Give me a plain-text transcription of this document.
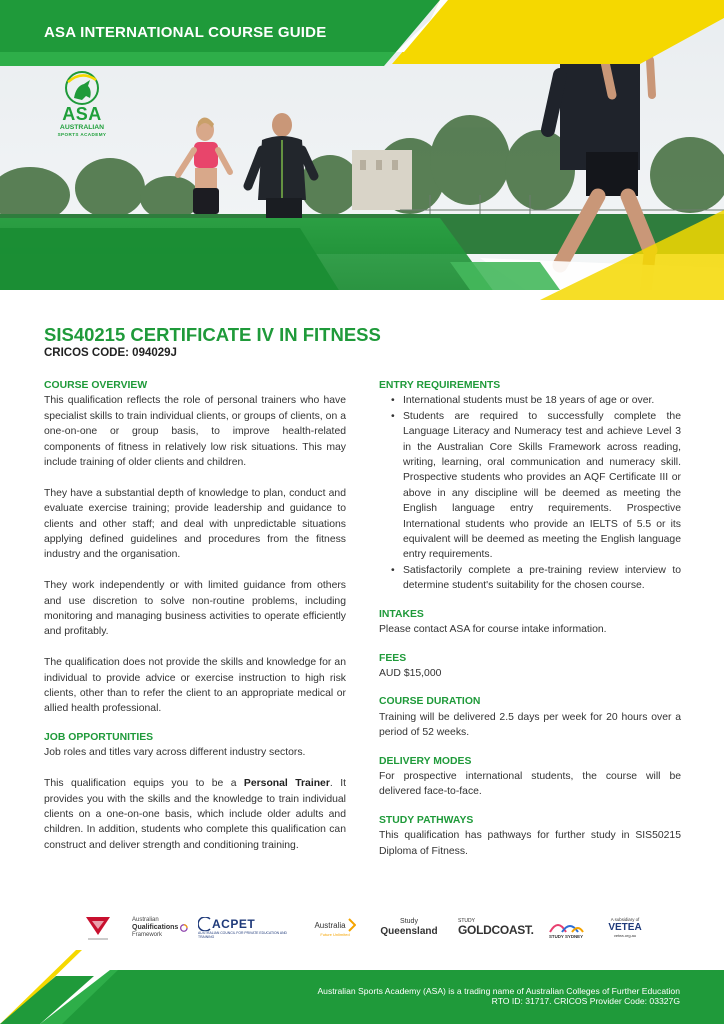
ASA INTERNATIONAL COURSE GUIDE
ASA
AUSTRALIAN
SPORTS ACADEMY
SIS40215 CERTIFICATE IV IN FITNESS
CRICOS CODE: 094029J
COURSE OVERVIEW

This qualification reflects the role of personal trainers who have specialist skills to train individual clients, or groups of clients, on a one-on-one or group basis, to improve health-related components of fitness in relatively low risk situations. This may include training of older clients and children.

They have a substantial depth of knowledge to plan, conduct and evaluate exercise training; provide leadership and guidance to clients and other staff; and deal with unpredictable situations applying defined guidelines and procedures from the fitness industry and the organisation.

They work independently or with limited guidance from others and use discretion to solve non-routine problems, including monitoring and managing business activities to operate efficiently and profitably.

The qualification does not provide the skills and knowledge for an individual to provide advice or exercise instruction to high risk clients, other than to refer the client to an appropriate medical or allied health professional.

JOB OPPORTUNITIES

Job roles and titles vary across different industry sectors.

This qualification equips you to be a Personal Trainer. It provides you with the skills and the knowledge to train individual clients on a one-on-one basis, which include older adults and children. In addition, students who complete this qualification can construct and deliver strength and conditioning training.

ENTRY REQUIREMENTS
• International students must be 18 years of age or over.
• Students are required to successfully complete the Language Literacy and Numeracy test and achieve Level 3 in the Australian Core Skills Framework across reading, writing, learning, oral communication and numeracy skill. Prospective students who provides an AQF Certificate III or above in any discipline will be deemed as meeting the English language entry requirements. Prospective International students who provide an IELTS of 5.5 or its equivalent will be deemed as meeting the English language entry requirements.
• Satisfactorily complete a pre-training review interview to determine student's suitability for the chosen course.
INTAKES

Please contact ASA for course intake information.

FEES

AUD $15,000

COURSE DURATION

Training will be delivered 2.5 days per week for 20 hours over a period of 52 weeks.

DELIVERY MODES

For prospective international students, the course will be delivered face-to-face.

STUDY PATHWAYS

This qualification has pathways for further study in SIS50215 Diploma of Fitness.

Australian
Qualifications
Framework
ACPET
AUSTRALIAN COUNCIL FOR PRIVATE EDUCATION AND TRAINING
Australia
Future Unlimited
Study
Queensland
STUDY
GOLDCOAST.	STUDY SYDNEY
A subsidiary of
VETEA
vetea.org.au
Australian Sports Academy (ASA) is a trading name of Australian Colleges of Further Education
RTO ID: 31717. CRICOS Provider Code: 03327G
